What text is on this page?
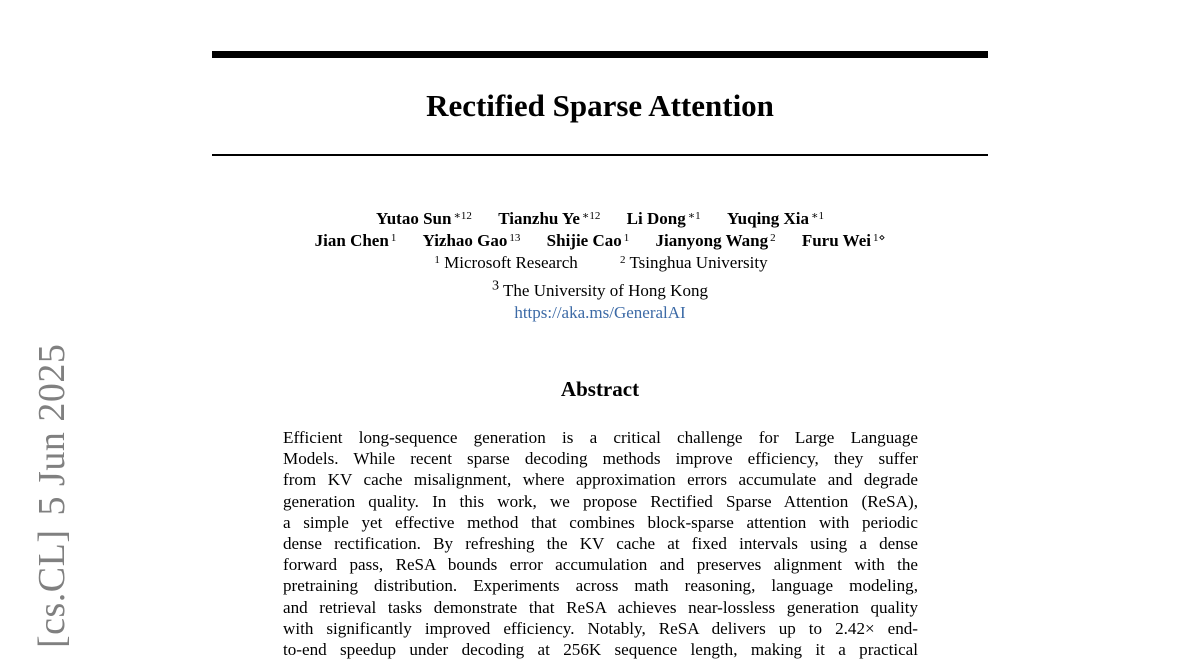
[cs.CL]5 Jun 2025
Rectified Sparse Attention
Yutao Sun $^{∗12}$ Tianzhu Ye $^{∗12}$ Li Dong $^{∗1}$ Yuqing Xia $^{∗1}$
Jian Chen $^1$ Yizhao Gao $^{13}$ Shijie Cao $^1$ Jianyong Wang $^2$ Furu Wei $^{1⋄}$
$^1$ Microsoft Research	$^2$ Tsinghua University
$^3$ The University of Hong Kong
https://aka.ms/GeneralAI
Abstract
Efficient long-sequence generation is a critical challenge for Large Language
Models. While recent sparse decoding methods improve efficiency, they suffer
from KV cache misalignment, where approximation errors accumulate and degrade
generation quality. In this work, we propose Rectified Sparse Attention (ReSA),
a simple yet effective method that combines block-sparse attention with periodic
dense rectification. By refreshing the KV cache at fixed intervals using a dense
forward pass, ReSA bounds error accumulation and preserves alignment with the
pretraining distribution. Experiments across math reasoning, language modeling,
and retrieval tasks demonstrate that ReSA achieves near-lossless generation quality
with significantly improved efficiency. Notably, ReSA delivers up to 2.42× end-
to-end speedup under decoding at 256K sequence length, making it a practical
